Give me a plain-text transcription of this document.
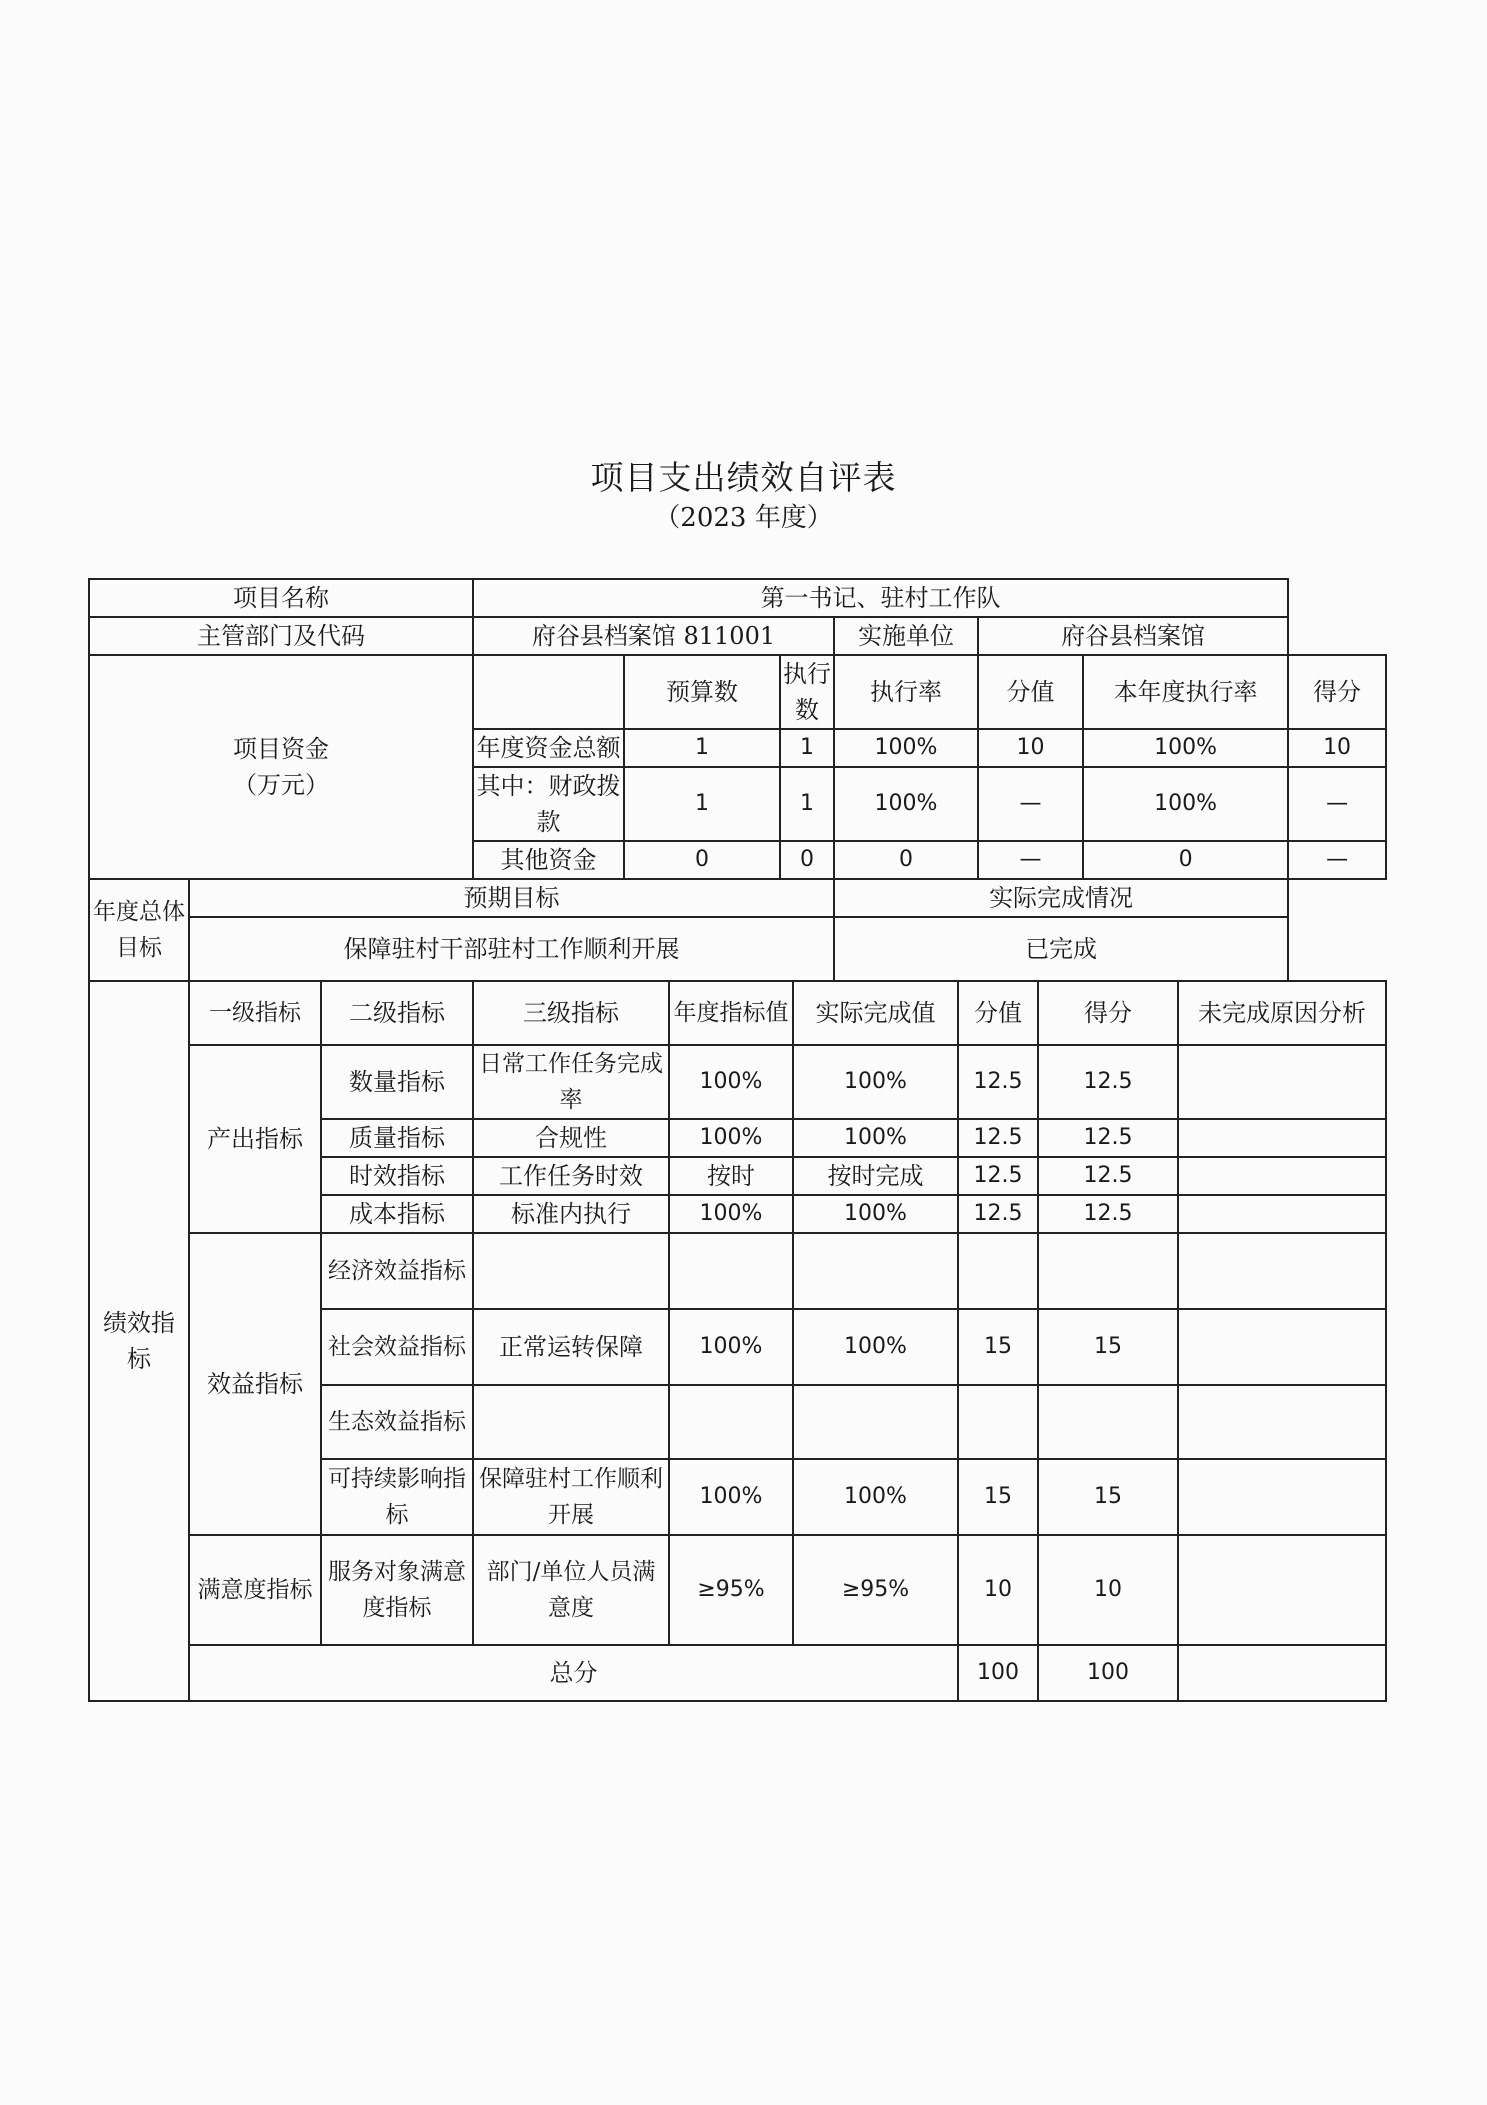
项目支出绩效自评表
（2023 年度）
项目名称			第一书记、驻村工作队											
主管部门及代码			府谷县档案馆 811001					实施单位		府谷县档案馆				

项目资金
（万元）				预算数		执行数		执行率		分值		本年度执行率		得分
			年度资金总额	1		1		100%		10		100%		10
			其中：财政拨款	1		1		100%		—		100%		—
			其他资金	0		0		0		—		0		—
年度总体目标	预期目标							实际完成情况						
	保障驻村干部驻村工作顺利开展							已完成						
绩效指标	一级指标	二级指标	三级指标		年度指标值		实际完成值		分值		得分		未完成原因分析	
	产出指标	数量指标	日常工作任务完成率		100%		100%		12.5		12.5			
		质量指标	合规性		100%		100%		12.5		12.5			
		时效指标	工作任务时效		按时		按时完成		12.5		12.5			
		成本指标	标准内执行		100%		100%		12.5		12.5			
	效益指标	经济效益指标												
		社会效益指标	正常运转保障		100%		100%		15		15			
		生态效益指标												
		可持续影响指标	保障驻村工作顺利开展		100%		100%		15		15			
	满意度指标	服务对象满意度指标	部门/单位人员满意度		≥95%		≥95%		10		10			
	总分								100		100			
